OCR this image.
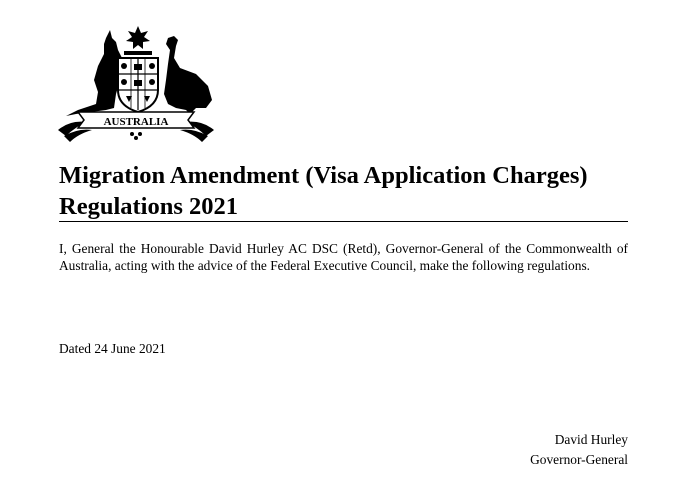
AUSTRALIA
Migration Amendment (Visa Application Charges) Regulations 2021

I, General the Honourable David Hurley AC DSC (Retd), Governor-General of the Commonwealth of Australia, acting with the advice of the Federal Executive Council, make the following regulations.

Dated 24 June 2021

David Hurley
Governor-General
